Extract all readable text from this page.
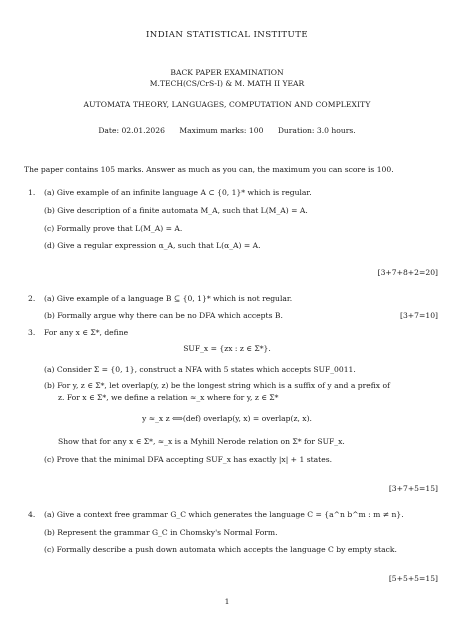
INDIAN STATISTICAL INSTITUTE
BACK PAPER EXAMINATION
M.TECH(CS/CrS-I) & M. MATH II YEAR
AUTOMATA THEORY, LANGUAGES, COMPUTATION AND COMPLEXITY
Date: 02.01.2026 Maximum marks: 100 Duration: 3.0 hours.
The paper contains 105 marks. Answer as much as you can, the maximum you can score is 100.
1.	(a) Give example of an infinite language A ⊂ {0, 1}* which is regular.
(b) Give description of a finite automata M_A, such that L(M_A) = A.
(c) Formally prove that L(M_A) = A.
(d) Give a regular expression α_A, such that L(α_A) = A.
[3+7+8+2=20]
2.	(a) Give example of a language B ⊆ {0, 1}* which is not regular.
(b) Formally argue why there can be no DFA which accepts B.	[3+7=10]
3.	For any x ∈ Σ*, define
SUF_x = {zx : z ∈ Σ*}.
(a) Consider Σ = {0, 1}, construct a NFA with 5 states which accepts SUF_0011.
(b) For y, z ∈ Σ*, let overlap(y, z) be the longest string which is a suffix of y and a prefix of
z. For x ∈ Σ*, we define a relation ≈_x where for y, z ∈ Σ*
y ≈_x z ⟺(def) overlap(y, x) = overlap(z, x).
Show that for any x ∈ Σ*, ≈_x is a Myhill Nerode relation on Σ* for SUF_x.
(c) Prove that the minimal DFA accepting SUF_x has exactly |x| + 1 states.
[3+7+5=15]
4.	(a) Give a context free grammar G_C which generates the language C = {a^n b^m : m ≠ n}.
(b) Represent the grammar G_C in Chomsky's Normal Form.
(c) Formally describe a push down automata which accepts the language C by empty stack.
[5+5+5=15]
1
